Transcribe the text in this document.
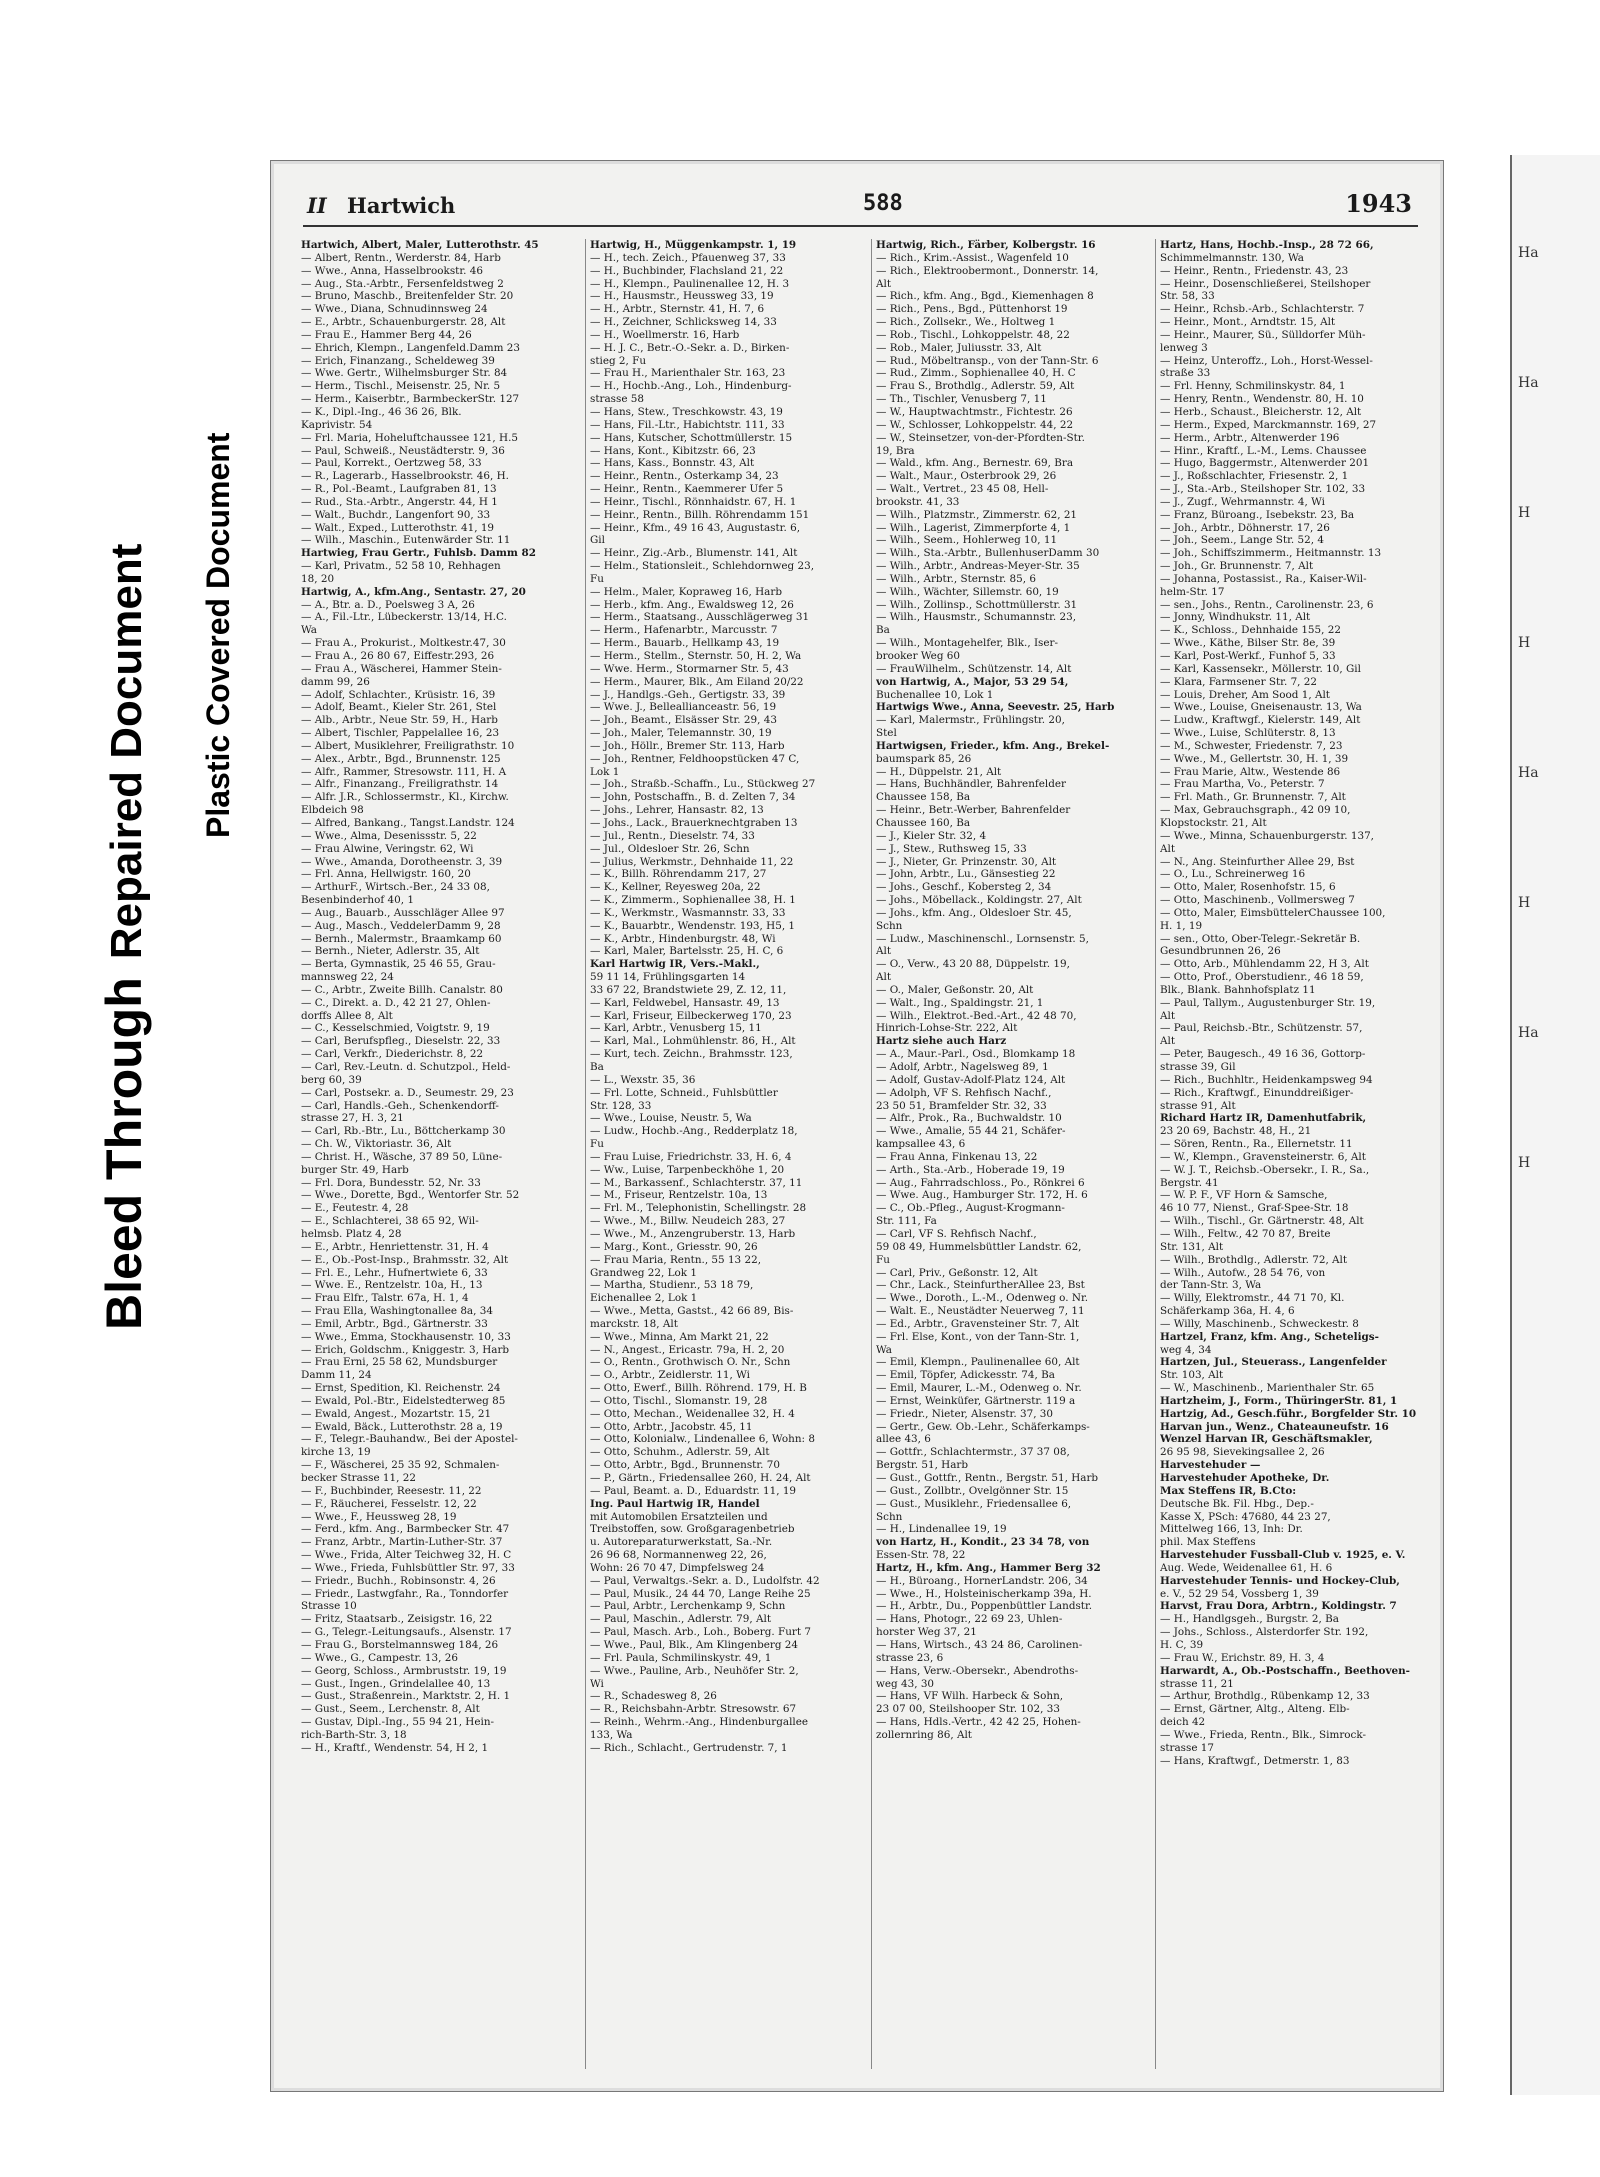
Bleed ThroughRepaired Document Plastic Covered Document
II Hartwich	588	1943
Hartwich, Albert, Maler, Lutterothstr. 45
— Albert, Rentn., Werderstr. 84, Harb
— Wwe., Anna, Hasselbrookstr. 46
— Aug., Sta.-Arbtr., Fersenfeldstweg 2
— Bruno, Maschb., Breitenfelder Str. 20
— Wwe., Diana, Schnudinnsweg 24
— E., Arbtr., Schauenburgerstr. 28, Alt
— Frau E., Hammer Berg 44, 26
— Ehrich, Klempn., Langenfeld.Damm 23
— Erich, Finanzang., Scheldeweg 39
— Wwe. Gertr., Wilhelmsburger Str. 84
— Herm., Tischl., Meisenstr. 25, Nr. 5
— Herm., Kaiserbtr., BarmbeckerStr. 127
— K., Dipl.-Ing., 46 36 26, Blk.
Kaprivistr. 54
— Frl. Maria, Hoheluftchaussee 121, H.5
— Paul, Schweiß., Neustädterstr. 9, 36
— Paul, Korrekt., Oertzweg 58, 33
— R., Lagerarb., Hasselbrookstr. 46, H.
— R., Pol.-Beamt., Laufgraben 81, 13
— Rud., Sta.-Arbtr., Angerstr. 44, H 1
— Walt., Buchdr., Langenfort 90, 33
— Walt., Exped., Lutterothstr. 41, 19
— Wilh., Maschin., Eutenwärder Str. 11
Hartwieg, Frau Gertr., Fuhlsb. Damm 82
— Karl, Privatm., 52 58 10, Rehhagen
18, 20
Hartwig, A., kfm.Ang., Sentastr. 27, 20
— A., Btr. a. D., Poelsweg 3 A, 26
— A., Fil.-Ltr., Lübeckerstr. 13/14, H.C.
Wa
— Frau A., Prokurist., Moltkestr.47, 30
— Frau A., 26 80 67, Eiffestr.293, 26
— Frau A., Wäscherei, Hammer Stein-
damm 99, 26
— Adolf, Schlachter., Krüsistr. 16, 39
— Adolf, Beamt., Kieler Str. 261, Stel
— Alb., Arbtr., Neue Str. 59, H., Harb
— Albert, Tischler, Pappelallee 16, 23
— Albert, Musiklehrer, Freiligrathstr. 10
— Alex., Arbtr., Bgd., Brunnenstr. 125
— Alfr., Rammer, Stresowstr. 111, H. A
— Alfr., Finanzang., Freiligrathstr. 14
— Alfr. J.R., Schlossermstr., Kl., Kirchw.
Elbdeich 98
— Alfred, Bankang., Tangst.Landstr. 124
— Wwe., Alma, Desenissstr. 5, 22
— Frau Alwine, Veringstr. 62, Wi
— Wwe., Amanda, Dorotheenstr. 3, 39
— Frl. Anna, Hellwigstr. 160, 20
— ArthurF., Wirtsch.-Ber., 24 33 08,
Besenbinderhof 40, 1
— Aug., Bauarb., Ausschläger Allee 97
— Aug., Masch., VeddelerDamm 9, 28
— Bernh., Malermstr., Braamkamp 60
— Bernh., Nieter, Adlerstr. 35, Alt
— Berta, Gymnastik, 25 46 55, Grau-
mannsweg 22, 24
— C., Arbtr., Zweite Billh. Canalstr. 80
— C., Direkt. a. D., 42 21 27, Ohlen-
dorffs Allee 8, Alt
— C., Kesselschmied, Voigtstr. 9, 19
— Carl, Berufspfleg., Dieselstr. 22, 33
— Carl, Verkfr., Diederichstr. 8, 22
— Carl, Rev.-Leutn. d. Schutzpol., Held-
berg 60, 39
— Carl, Postsekr. a. D., Seumestr. 29, 23
— Carl, Handls.-Geh., Schenkendorff-
strasse 27, H. 3, 21
— Carl, Rb.-Btr., Lu., Böttcherkamp 30
— Ch. W., Viktoriastr. 36, Alt
— Christ. H., Wäsche, 37 89 50, Lüne-
burger Str. 49, Harb
— Frl. Dora, Bundesstr. 52, Nr. 33
— Wwe., Dorette, Bgd., Wentorfer Str. 52
— E., Feutestr. 4, 28
— E., Schlachterei, 38 65 92, Wil-
helmsb. Platz 4, 28
— E., Arbtr., Henriettenstr. 31, H. 4
— E., Ob.-Post-Insp., Brahmsstr. 32, Alt
— Frl. E., Lehr., Hufnertwiete 6, 33
— Wwe. E., Rentzelstr. 10a, H., 13
— Frau Elfr., Talstr. 67a, H. 1, 4
— Frau Ella, Washingtonallee 8a, 34
— Emil, Arbtr., Bgd., Gärtnerstr. 33
— Wwe., Emma, Stockhausenstr. 10, 33
— Erich, Goldschm., Kniggestr. 3, Harb
— Frau Erni, 25 58 62, Mundsburger
Damm 11, 24
— Ernst, Spedition, Kl. Reichenstr. 24
— Ewald, Pol.-Btr., Eidelstedterweg 85
— Ewald, Angest., Mozartstr. 15, 21
— Ewald, Bäck., Lutterothstr. 28 a, 19
— F., Telegr.-Bauhandw., Bei der Apostel-
kirche 13, 19
— F., Wäscherei, 25 35 92, Schmalen-
becker Strasse 11, 22
— F., Buchbinder, Reesestr. 11, 22
— F., Räucherei, Fesselstr. 12, 22
— Wwe., F., Heussweg 28, 19
— Ferd., kfm. Ang., Barmbecker Str. 47
— Franz, Arbtr., Martin-Luther-Str. 37
— Wwe., Frida, Alter Teichweg 32, H. C
— Wwe., Frieda, Fuhlsbüttler Str. 97, 33
— Friedr., Buchh., Robinsonstr. 4, 26
— Friedr., Lastwgfahr., Ra., Tonndorfer
Strasse 10
— Fritz, Staatsarb., Zeisigstr. 16, 22
— G., Telegr.-Leitungsaufs., Alsenstr. 17
— Frau G., Borstelmannsweg 184, 26
— Wwe., G., Campestr. 13, 26
— Georg, Schloss., Armbruststr. 19, 19
— Gust., Ingen., Grindelallee 40, 13
— Gust., Straßenrein., Marktstr. 2, H. 1
— Gust., Seem., Lerchenstr. 8, Alt
— Gustav, Dipl.-Ing., 55 94 21, Hein-
rich-Barth-Str. 3, 18
— H., Kraftf., Wendenstr. 54, H 2, 1
Hartwig, H., Müggenkampstr. 1, 19
— H., tech. Zeich., Pfauenweg 37, 33
— H., Buchbinder, Flachsland 21, 22
— H., Klempn., Paulinenallee 12, H. 3
— H., Hausmstr., Heussweg 33, 19
— H., Arbtr., Sternstr. 41, H. 7, 6
— H., Zeichner, Schlicksweg 14, 33
— H., Woellmerstr. 16, Harb
— H. J. C., Betr.-O.-Sekr. a. D., Birken-
stieg 2, Fu
— Frau H., Marienthaler Str. 163, 23
— H., Hochb.-Ang., Loh., Hindenburg-
strasse 58
— Hans, Stew., Treschkowstr. 43, 19
— Hans, Fil.-Ltr., Habichtstr. 111, 33
— Hans, Kutscher, Schottmüllerstr. 15
— Hans, Kont., Kibitzstr. 66, 23
— Hans, Kass., Bonnstr. 43, Alt
— Heinr., Rentn., Osterkamp 34, 23
— Heinr., Rentn., Kaemmerer Ufer 5
— Heinr., Tischl., Rönnhaidstr. 67, H. 1
— Heinr., Rentn., Billh. Röhrendamm 151
— Heinr., Kfm., 49 16 43, Augustastr. 6,
Gil
— Heinr., Zig.-Arb., Blumenstr. 141, Alt
— Helm., Stationsleit., Schlehdornweg 23,
Fu
— Helm., Maler, Kopraweg 16, Harb
— Herb., kfm. Ang., Ewaldsweg 12, 26
— Herm., Staatsang., Ausschlägerweg 31
— Herm., Hafenarbtr., Marcusstr. 7
— Herm., Bauarb., Hellkamp 43, 19
— Herm., Stellm., Sternstr. 50, H. 2, Wa
— Wwe. Herm., Stormarner Str. 5, 43
— Herm., Maurer, Blk., Am Eiland 20/22
— J., Handlgs.-Geh., Gertigstr. 33, 39
— Wwe. J., Belleallianceastr. 56, 19
— Joh., Beamt., Elsässer Str. 29, 43
— Joh., Maler, Telemannstr. 30, 19
— Joh., Höllr., Bremer Str. 113, Harb
— Joh., Rentner, Feldhoopstücken 47 C,
Lok 1
— Joh., Straßb.-Schaffn., Lu., Stückweg 27
— John, Postschaffn., B. d. Zelten 7, 34
— Johs., Lehrer, Hansastr. 82, 13
— Johs., Lack., Brauerknechtgraben 13
— Jul., Rentn., Dieselstr. 74, 33
— Jul., Oldesloer Str. 26, Schn
— Julius, Werkmstr., Dehnhaide 11, 22
— K., Billh. Röhrendamm 217, 27
— K., Kellner, Reyesweg 20a, 22
— K., Zimmerm., Sophienallee 38, H. 1
— K., Werkmstr., Wasmannstr. 33, 33
— K., Bauarbtr., Wendenstr. 193, H5, 1
— K., Arbtr., Hindenburgstr. 48, Wi
— Karl, Maler, Bartelsstr. 25, H. C, 6
Karl Hartwig IR, Vers.-Makl.,
59 11 14, Frühlingsgarten 14
33 67 22, Brandstwiete 29, Z. 12, 11,
— Karl, Feldwebel, Hansastr. 49, 13
— Karl, Friseur, Eilbeckerweg 170, 23
— Karl, Arbtr., Venusberg 15, 11
— Karl, Mal., Lohmühlenstr. 86, H., Alt
— Kurt, tech. Zeichn., Brahmsstr. 123,
Ba
— L., Wexstr. 35, 36
— Frl. Lotte, Schneid., Fuhlsbüttler
Str. 128, 33
— Wwe., Louise, Neustr. 5, Wa
— Ludw., Hochb.-Ang., Redderplatz 18,
Fu
— Frau Luise, Friedrichstr. 33, H. 6, 4
— Ww., Luise, Tarpenbeckhöhe 1, 20
— M., Barkassenf., Schlachterstr. 37, 11
— M., Friseur, Rentzelstr. 10a, 13
— Frl. M., Telephonistin, Schellingstr. 28
— Wwe., M., Billw. Neudeich 283, 27
— Wwe., M., Anzengruberstr. 13, Harb
— Marg., Kont., Griesstr. 90, 26
— Frau Maria, Rentn., 55 13 22,
Grandweg 22, Lok 1
— Martha, Studienr., 53 18 79,
Eichenallee 2, Lok 1
— Wwe., Metta, Gastst., 42 66 89, Bis-
marckstr. 18, Alt
— Wwe., Minna, Am Markt 21, 22
— N., Angest., Ericastr. 79a, H. 2, 20
— O., Rentn., Grothwisch O. Nr., Schn
— O., Arbtr., Zeidlerstr. 11, Wi
— Otto, Ewerf., Billh. Röhrend. 179, H. B
— Otto, Tischl., Slomanstr. 19, 28
— Otto, Mechan., Weidenallee 32, H. 4
— Otto, Arbtr., Jacobstr. 45, 11
— Otto, Kolonialw., Lindenallee 6, Wohn: 8
— Otto, Schuhm., Adlerstr. 59, Alt
— Otto, Arbtr., Bgd., Brunnenstr. 70
— P., Gärtn., Friedensallee 260, H. 24, Alt
— Paul, Beamt. a. D., Eduardstr. 11, 19
Ing. Paul Hartwig IR, Handel
mit Automobilen Ersatzteilen und
Treibstoffen, sow. Großgaragenbetrieb
u. Autoreparaturwerkstatt, Sa.-Nr.
26 96 68, Normannenweg 22, 26,
Wohn: 26 70 47, Dimpfelsweg 24
— Paul, Verwaltgs.-Sekr. a. D., Ludolfstr. 42
— Paul, Musik., 24 44 70, Lange Reihe 25
— Paul, Arbtr., Lerchenkamp 9, Schn
— Paul, Maschin., Adlerstr. 79, Alt
— Paul, Masch. Arb., Loh., Boberg. Furt 7
— Wwe., Paul, Blk., Am Klingenberg 24
— Frl. Paula, Schmilinskystr. 49, 1
— Wwe., Pauline, Arb., Neuhöfer Str. 2,
Wi
— R., Schadesweg 8, 26
— R., Reichsbahn-Arbtr. Stresowstr. 67
— Reinh., Wehrm.-Ang., Hindenburgallee
133, Wa
— Rich., Schlacht., Gertrudenstr. 7, 1
Hartwig, Rich., Färber, Kolbergstr. 16
— Rich., Krim.-Assist., Wagenfeld 10
— Rich., Elektroobermont., Donnerstr. 14,
Alt
— Rich., kfm. Ang., Bgd., Kiemenhagen 8
— Rich., Pens., Bgd., Püttenhorst 19
— Rich., Zollsekr., We., Holtweg 1
— Rob., Tischl., Lohkoppelstr. 48, 22
— Rob., Maler, Juliusstr. 33, Alt
— Rud., Möbeltransp., von der Tann-Str. 6
— Rud., Zimm., Sophienallee 40, H. C
— Frau S., Brothdlg., Adlerstr. 59, Alt
— Th., Tischler, Venusberg 7, 11
— W., Hauptwachtmstr., Fichtestr. 26
— W., Schlosser, Lohkoppelstr. 44, 22
— W., Steinsetzer, von-der-Pfordten-Str.
19, Bra
— Wald., kfm. Ang., Bernestr. 69, Bra
— Walt., Maur., Osterbrook 29, 26
— Walt., Vertret., 23 45 08, Hell-
brookstr. 41, 33
— Wilh., Platzmstr., Zimmerstr. 62, 21
— Wilh., Lagerist, Zimmerpforte 4, 1
— Wilh., Seem., Hohlerweg 10, 11
— Wilh., Sta.-Arbtr., BullenhuserDamm 30
— Wilh., Arbtr., Andreas-Meyer-Str. 35
— Wilh., Arbtr., Sternstr. 85, 6
— Wilh., Wächter, Sillemstr. 60, 19
— Wilh., Zollinsp., Schottmüllerstr. 31
— Wilh., Hausmstr., Schumannstr. 23,
Ba
— Wilh., Montagehelfer, Blk., Iser-
brooker Weg 60
— FrauWilhelm., Schützenstr. 14, Alt
von Hartwig, A., Major, 53 29 54,
Buchenallee 10, Lok 1
Hartwigs Wwe., Anna, Seevestr. 25, Harb
— Karl, Malermstr., Frühlingstr. 20,
Stel
Hartwigsen, Frieder., kfm. Ang., Brekel-
baumspark 85, 26
— H., Düppelstr. 21, Alt
— Hans, Buchhändler, Bahrenfelder
Chaussee 158, Ba
— Heinr., Betr.-Werber, Bahrenfelder
Chaussee 160, Ba
— J., Kieler Str. 32, 4
— J., Stew., Ruthsweg 15, 33
— J., Nieter, Gr. Prinzenstr. 30, Alt
— John, Arbtr., Lu., Gänsestieg 22
— Johs., Geschf., Kobersteg 2, 34
— Johs., Möbellack., Koldingstr. 27, Alt
— Johs., kfm. Ang., Oldesloer Str. 45,
Schn
— Ludw., Maschinenschl., Lornsenstr. 5,
Alt
— O., Verw., 43 20 88, Düppelstr. 19,
Alt
— O., Maler, Geßonstr. 20, Alt
— Walt., Ing., Spaldingstr. 21, 1
— Wilh., Elektrot.-Bed.-Art., 42 48 70,
Hinrich-Lohse-Str. 222, Alt
Hartz siehe auch Harz
— A., Maur.-Parl., Osd., Blomkamp 18
— Adolf, Arbtr., Nagelsweg 89, 1
— Adolf, Gustav-Adolf-Platz 124, Alt
— Adolph, VF S. Rehfisch Nachf.,
23 50 51, Bramfelder Str. 32, 33
— Alfr., Prok., Ra., Buchwaldstr. 10
— Wwe., Amalie, 55 44 21, Schäfer-
kampsallee 43, 6
— Frau Anna, Finkenau 13, 22
— Arth., Sta.-Arb., Hoberade 19, 19
— Aug., Fahrradschloss., Po., Rönkrei 6
— Wwe. Aug., Hamburger Str. 172, H. 6
— C., Ob.-Pfleg., August-Krogmann-
Str. 111, Fa
— Carl, VF S. Rehfisch Nachf.,
59 08 49, Hummelsbüttler Landstr. 62,
Fu
— Carl, Priv., Geßonstr. 12, Alt
— Chr., Lack., SteinfurtherAllee 23, Bst
— Wwe., Doroth., L.-M., Odenweg o. Nr.
— Walt. E., Neustädter Neuerweg 7, 11
— Ed., Arbtr., Gravensteiner Str. 7, Alt
— Frl. Else, Kont., von der Tann-Str. 1,
Wa
— Emil, Klempn., Paulinenallee 60, Alt
— Emil, Töpfer, Adickesstr. 74, Ba
— Emil, Maurer, L.-M., Odenweg o. Nr.
— Ernst, Weinküfer, Gärtnerstr. 119 a
— Friedr., Nieter, Alsenstr. 37, 30
— Gertr., Gew. Ob.-Lehr., Schäferkamps-
allee 43, 6
— Gottfr., Schlachtermstr., 37 37 08,
Bergstr. 51, Harb
— Gust., Gottfr., Rentn., Bergstr. 51, Harb
— Gust., Zollbtr., Ovelgönner Str. 15
— Gust., Musiklehr., Friedensallee 6,
Schn
— H., Lindenallee 19, 19
von Hartz, H., Kondit., 23 34 78, von
Essen-Str. 78, 22
Hartz, H., kfm. Ang., Hammer Berg 32
— H., Büroang., HornerLandstr. 206, 34
— Wwe., H., Holsteinischerkamp 39a, H.
— H., Arbtr., Du., Poppenbüttler Landstr.
— Hans, Photogr., 22 69 23, Uhlen-
horster Weg 37, 21
— Hans, Wirtsch., 43 24 86, Carolinen-
strasse 23, 6
— Hans, Verw.-Obersekr., Abendroths-
weg 43, 30
— Hans, VF Wilh. Harbeck & Sohn,
23 07 00, Steilshooper Str. 102, 33
— Hans, Hdls.-Vertr., 42 42 25, Hohen-
zollernring 86, Alt
Hartz, Hans, Hochb.-Insp., 28 72 66,
Schimmelmannstr. 130, Wa
— Heinr., Rentn., Friedenstr. 43, 23
— Heinr., Dosenschließerei, Steilshoper
Str. 58, 33
— Heinr., Rchsb.-Arb., Schlachterstr. 7
— Heinr., Mont., Arndtstr. 15, Alt
— Heinr., Maurer, Sü., Sülldorfer Müh-
lenweg 3
— Heinz, Unteroffz., Loh., Horst-Wessel-
straße 33
— Frl. Henny, Schmilinskystr. 84, 1
— Henry, Rentn., Wendenstr. 80, H. 10
— Herb., Schaust., Bleicherstr. 12, Alt
— Herm., Exped, Marckmannstr. 169, 27
— Herm., Arbtr., Altenwerder 196
— Hinr., Kraftf., L.-M., Lems. Chaussee
— Hugo, Baggermstr., Altenwerder 201
— J., Roßschlachter, Friesenstr. 2, 1
— J., Sta.-Arb., Steilshoper Str. 102, 33
— J., Zugf., Wehrmannstr. 4, Wi
— Franz, Büroang., Isebekstr. 23, Ba
— Joh., Arbtr., Döhnerstr. 17, 26
— Joh., Seem., Lange Str. 52, 4
— Joh., Schiffszimmerm., Heitmannstr. 13
— Joh., Gr. Brunnenstr. 7, Alt
— Johanna, Postassist., Ra., Kaiser-Wil-
helm-Str. 17
— sen., Johs., Rentn., Carolinenstr. 23, 6
— Jonny, Windhukstr. 11, Alt
— K., Schloss., Dehnhaide 155, 22
— Wwe., Käthe, Bilser Str. 8e, 39
— Karl, Post-Werkf., Funhof 5, 33
— Karl, Kassensekr., Möllerstr. 10, Gil
— Klara, Farmsener Str. 7, 22
— Louis, Dreher, Am Sood 1, Alt
— Wwe., Louise, Gneisenaustr. 13, Wa
— Ludw., Kraftwgf., Kielerstr. 149, Alt
— Wwe., Luise, Schlüterstr. 8, 13
— M., Schwester, Friedenstr. 7, 23
— Wwe., M., Gellertstr. 30, H. 1, 39
— Frau Marie, Altw., Westende 86
— Frau Martha, Vo., Peterstr. 7
— Frl. Math., Gr. Brunnenstr. 7, Alt
— Max, Gebrauchsgraph., 42 09 10,
Klopstockstr. 21, Alt
— Wwe., Minna, Schauenburgerstr. 137,
Alt
— N., Ang. Steinfurther Allee 29, Bst
— O., Lu., Schreinerweg 16
— Otto, Maler, Rosenhofstr. 15, 6
— Otto, Maschinenb., Vollmersweg 7
— Otto, Maler, EimsbüttelerChaussee 100,
H. 1, 19
— sen., Otto, Ober-Telegr.-Sekretär B.
Gesundbrunnen 26, 26
— Otto, Arb., Mühlendamm 22, H 3, Alt
— Otto, Prof., Oberstudienr., 46 18 59,
Blk., Blank. Bahnhofsplatz 11
— Paul, Tallym., Augustenburger Str. 19,
Alt
— Paul, Reichsb.-Btr., Schützenstr. 57,
Alt
— Peter, Baugesch., 49 16 36, Gottorp-
strasse 39, Gil
— Rich., Buchhltr., Heidenkampsweg 94
— Rich., Kraftwgf., Einunddreißiger-
strasse 91, Alt
Richard Hartz IR, Damenhutfabrik,
23 20 69, Bachstr. 48, H., 21
— Sören, Rentn., Ra., Ellernetstr. 11
— W., Klempn., Gravensteinerstr. 6, Alt
— W. J. T., Reichsb.-Obersekr., I. R., Sa.,
Bergstr. 41
— W. P. F., VF Horn & Samsche,
46 10 77, Nienst., Graf-Spee-Str. 18
— Wilh., Tischl., Gr. Gärtnerstr. 48, Alt
— Wilh., Feltw., 42 70 87, Breite
Str. 131, Alt
— Wilh., Brothdlg., Adlerstr. 72, Alt
— Wilh., Autofw., 28 54 76, von
der Tann-Str. 3, Wa
— Willy, Elektromstr., 44 71 70, Kl.
Schäferkamp 36a, H. 4, 6
— Willy, Maschinenb., Schweckestr. 8
Hartzel, Franz, kfm. Ang., Scheteligs-
weg 4, 34
Hartzen, Jul., Steuerass., Langenfelder
Str. 103, Alt
— W., Maschinenb., Marienthaler Str. 65
Hartzheim, J., Form., ThüringerStr. 81, 1
Hartzig, Ad., Gesch.führ., Borgfelder Str. 10
Harvan jun., Wenz., Chateauneufstr. 16
Wenzel Harvan IR, Geschäftsmakler,
26 95 98, Sievekingsallee 2, 26
Harvestehuder —
Harvestehuder Apotheke, Dr.
Max Steffens IR, B.Cto:
Deutsche Bk. Fil. Hbg., Dep.-
Kasse X, PSch: 47680, 44 23 27,
Mittelweg 166, 13, Inh: Dr.
phil. Max Steffens
Harvestehuder Fussball-Club v. 1925, e. V.
Aug. Wede, Weidenallee 61, H. 6
Harvestehuder Tennis- und Hockey-Club,
e. V., 52 29 54, Vossberg 1, 39
Harvst, Frau Dora, Arbtrn., Koldingstr. 7
— H., Handlgsgeh., Burgstr. 2, Ba
— Johs., Schloss., Alsterdorfer Str. 192,
H. C, 39
— Frau W., Erichstr. 89, H. 3, 4
Harwardt, A., Ob.-Postschaffn., Beethoven-
strasse 11, 21
— Arthur, Brothdlg., Rübenkamp 12, 33
— Ernst, Gärtner, Altg., Alteng. Elb-
deich 42
— Wwe., Frieda, Rentn., Blk., Simrock-
strasse 17
— Hans, Kraftwgf., Detmerstr. 1, 83
Ha
Ha
H
H
Ha
H
Ha
H
